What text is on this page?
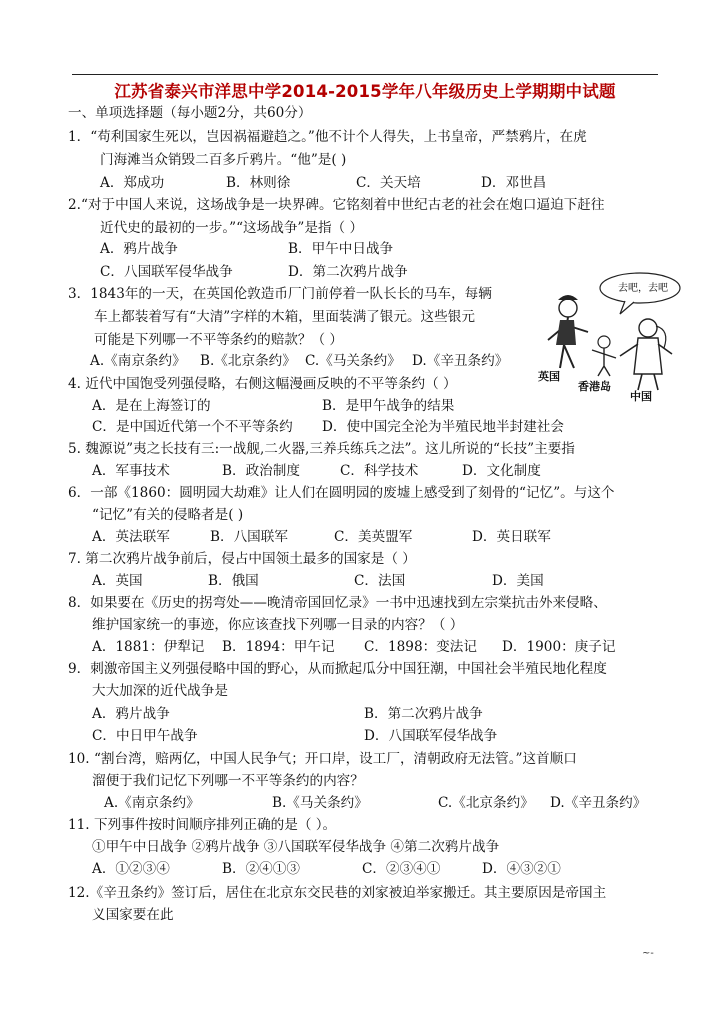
江苏省泰兴市洋思中学2014-2015学年八年级历史上学期期中试题
一、单项选择题（每小题2分，共60分）
1．“苟利国家生死以，岂因祸福避趋之。”他不计个人得失，上书皇帝，严禁鸦片，在虎
门海滩当众销毁二百多斤鸦片。“他”是( )
A．郑成功	B．林则徐	C．关天培	D．邓世昌
2.“对于中国人来说，这场战争是一块界碑。它铭刻着中世纪古老的社会在炮口逼迫下赶往
近代史的最初的一步。”“这场战争”是指（ ）
A．鸦片战争	B．甲午中日战争
C．八国联军侵华战争	D．第二次鸦片战争
3．1843年的一天，在英国伦敦造币厂门前停着一队长长的马车，每辆
车上都装着写有“大清”字样的木箱，里面装满了银元。这些银元
可能是下列哪一不平等条约的赔款？（ ）
A.《南京条约》 B.《北京条约》 C.《马关条约》 D.《辛丑条约》
去吧，去吧
英国
香港岛
中国
4. 近代中国饱受列强侵略，右侧这幅漫画反映的不平等条约（ ）
A．是在上海签订的	B．是甲午战争的结果
C．是中国近代第一个不平等条约 D．使中国完全沦为半殖民地半封建社会
5. 魏源说”夷之长技有三:一战舰,二火器,三养兵练兵之法”。这儿所说的“长技”主要指
A．军事技术	B．政治制度	C．科学技术	D．文化制度
6．一部《1860：圆明园大劫难》让人们在圆明园的废墟上感受到了刻骨的“记忆”。与这个
“记忆”有关的侵略者是( )
A．英法联军	B．八国联军	C．美英盟军	D．英日联军
7. 第二次鸦片战争前后，侵占中国领土最多的国家是（ ）
A．英国	B．俄国	C．法国	D．美国
8．如果要在《历史的拐弯处——晚清帝国回忆录》一书中迅速找到左宗棠抗击外来侵略、
维护国家统一的事迹，你应该查找下列哪一目录的内容？（ ）
A．1881：伊犁记 B．1894：甲午记 C．1898：变法记 D．1900：庚子记
9．刺激帝国主义列强侵略中国的野心，从而掀起瓜分中国狂潮，中国社会半殖民地化程度
大大加深的近代战争是
A．鸦片战争	B．第二次鸦片战争
C．中日甲午战争	D．八国联军侵华战争
10. “割台湾，赔两亿，中国人民争气；开口岸，设工厂，清朝政府无法管。”这首顺口
溜便于我们记忆下列哪一不平等条约的内容？
A.《南京条约》	B.《马关条约》	C.《北京条约》 D.《辛丑条约》
11. 下列事件按时间顺序排列正确的是（ ）。
①甲午中日战争 ②鸦片战争 ③八国联军侵华战争 ④第二次鸦片战争
A．①②③④	B．②④①③	C．②③④①	D．④③②①
12.《辛丑条约》签订后，居住在北京东交民巷的刘家被迫举家搬迁。其主要原因是帝国主
义国家要在此
~-
